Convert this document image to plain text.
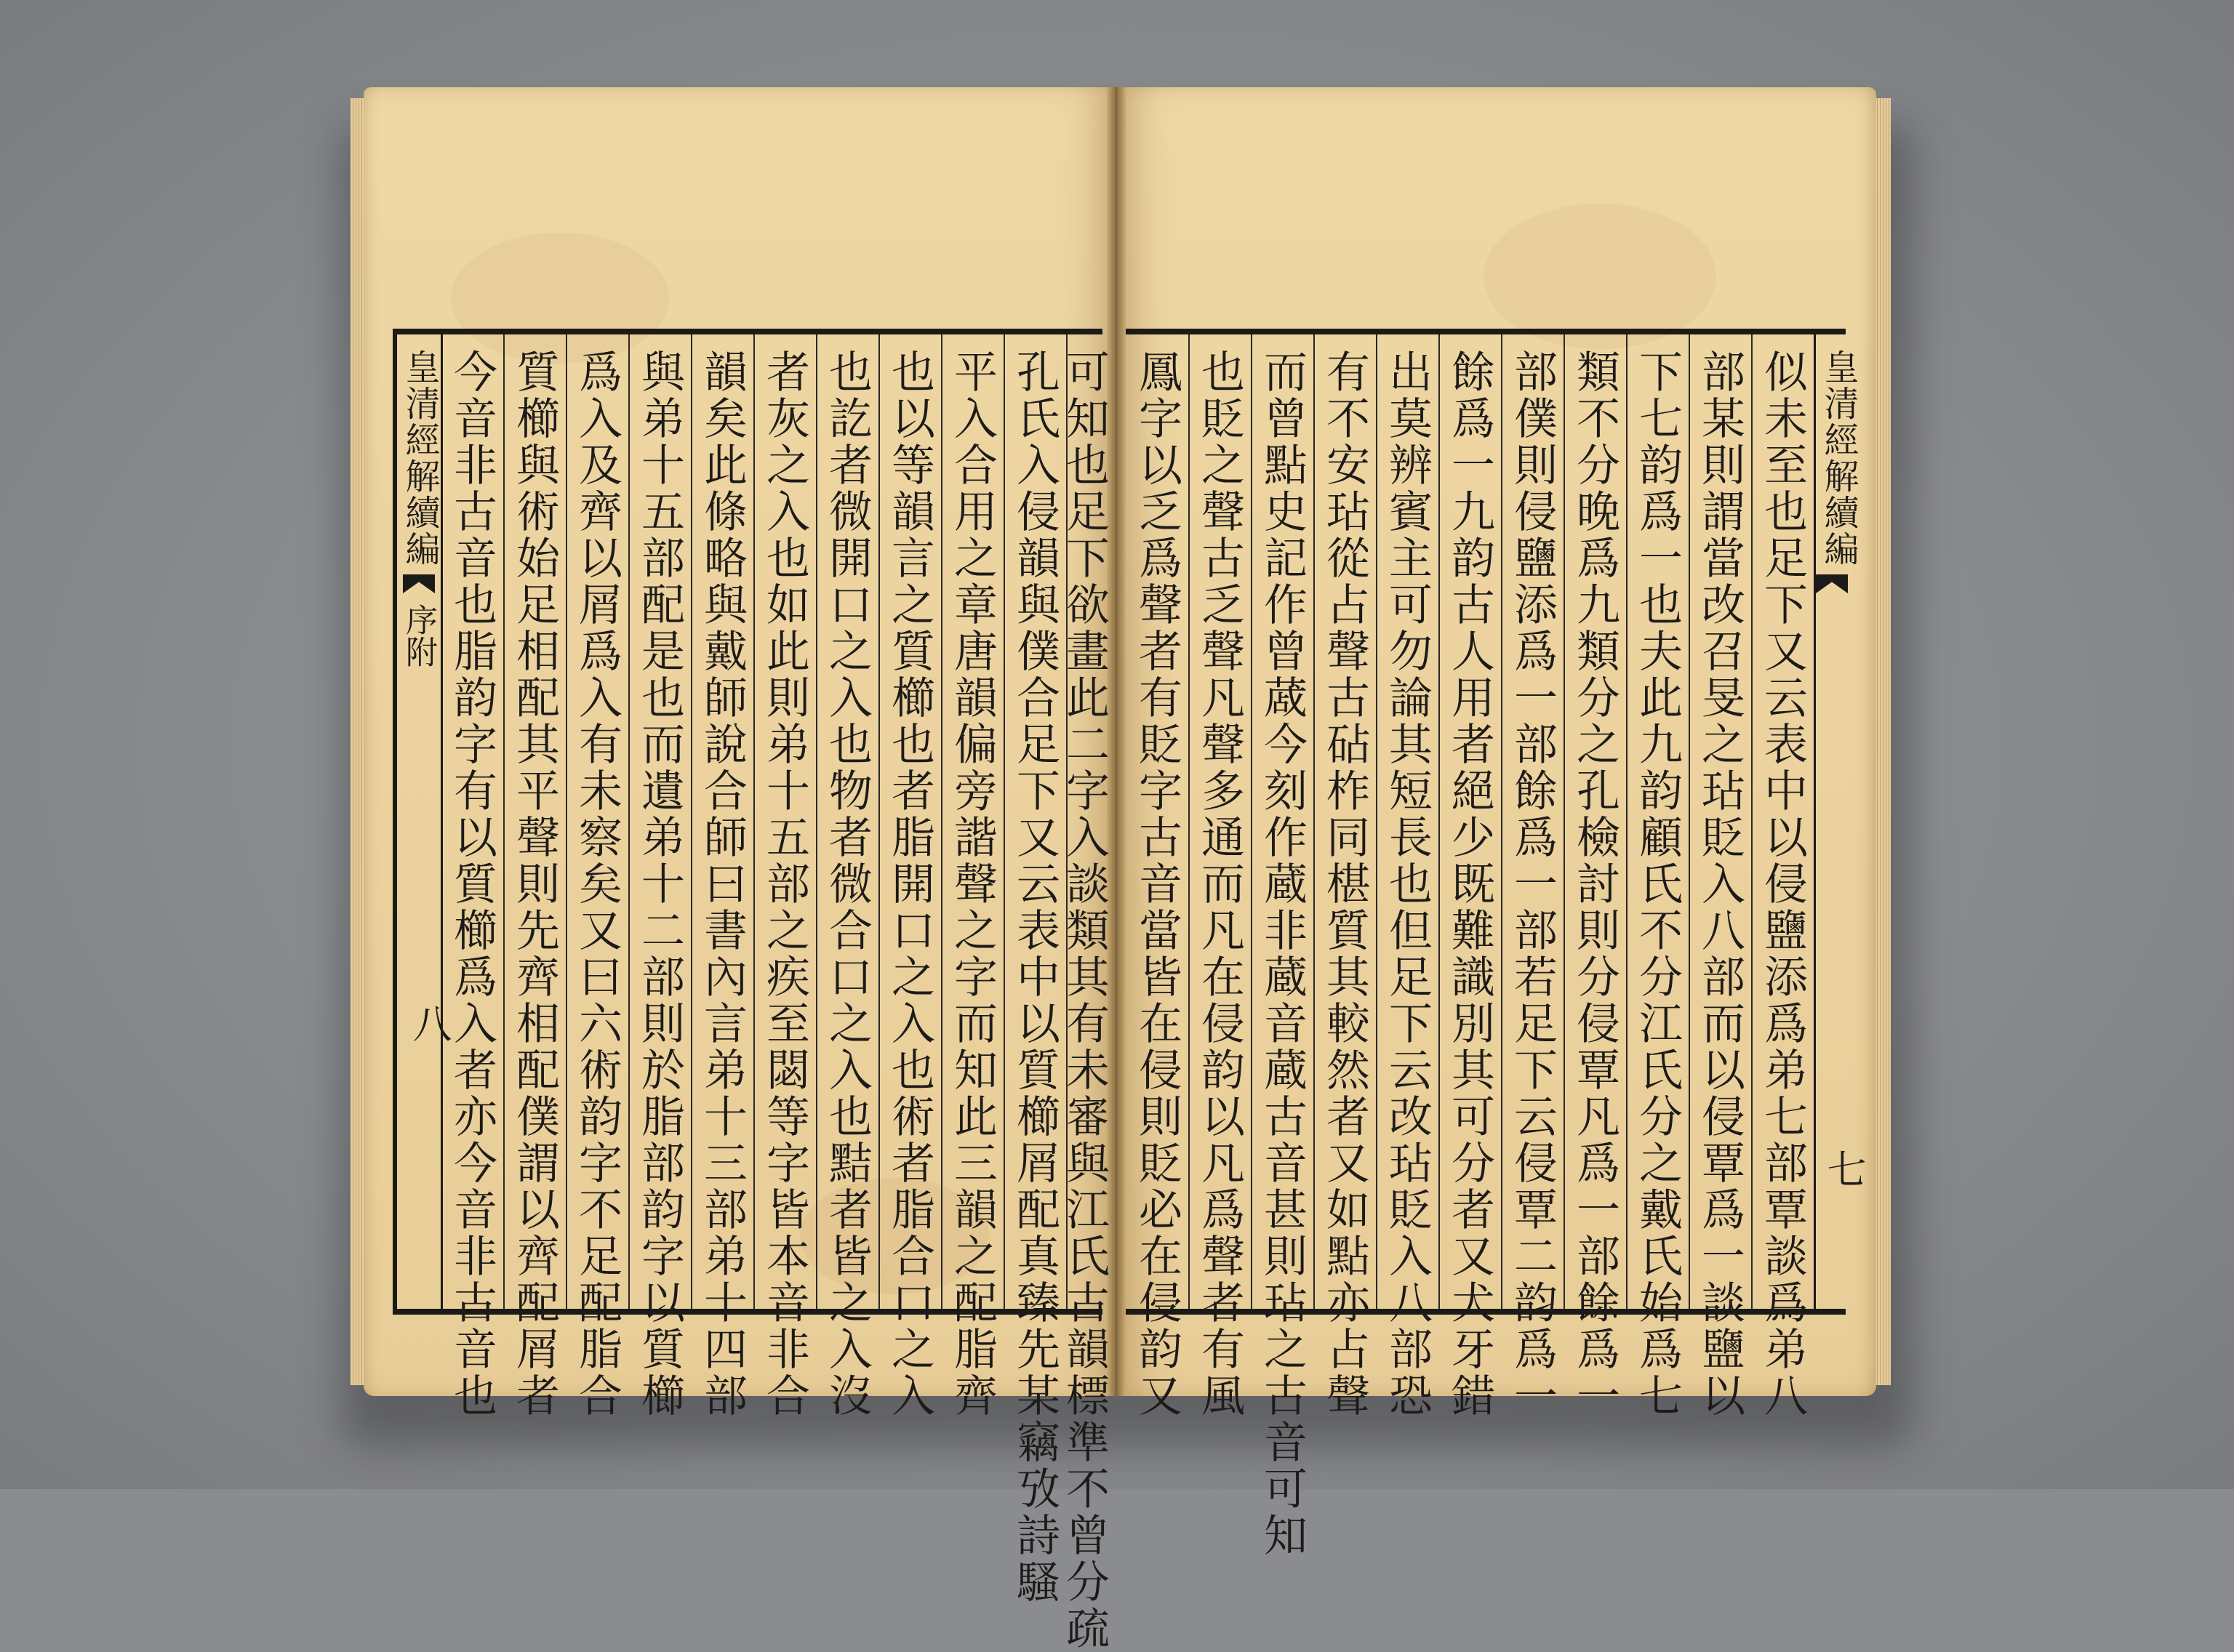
皇清經解續編
序附
八
今音非古音也脂韵字有以質櫛爲入者亦今音非古音也 質櫛與術始足相配其平聲則先齊相配僕謂以齊配屑者 爲入及齊以屑爲入有未察矣又曰六術韵字不足配脂合 與弟十五部配是也而遺弟十二部則於脂部韵字以質櫛 韻矣此條略與戴師說合師曰書內言弟十三部弟十四部 者灰之入也如此則弟十五部之疾至閟等字皆本音非合 也訖者微開口之入也物者微合口之入也黠者皆之入沒 也以等韻言之質櫛也者脂開口之入也術者脂合口之入 平入合用之章唐韻偏旁諧聲之字而知此三韻之配脂齊 孔氏入侵韻與僕合足下又云表中以質櫛屑配真臻先某竊攷詩騷
可知也足下欲畫此二字入談類其有未審與江氏古韻標準不曾分疏 鳳字以乏爲聲者有貶字古音當皆在侵則貶必在侵韵又 也貶之聲古乏聲凡聲多通而凡在侵韵以凡爲聲者有風 而曾點史記作曾蒧今刻作蔵非蔵音蔵古音甚則玷之古音可知 有不安玷從占聲古砧柞同椹質其較然者又如點亦占聲 出莫辨賓主可勿論其短長也但足下云改玷貶入八部恐 餘爲一九韵古人用者絕少既難識別其可分者又犬牙錯 部僕則侵鹽添爲一部餘爲一部若足下云侵覃二韵爲一 類不分晚爲九類分之孔檢討則分侵覃凡爲一部餘爲一 下七韵爲一也夫此九韵顧氏不分江氏分之戴氏始爲七 部某則謂當改召旻之玷貶入八部而以侵覃爲一談鹽以 似未至也足下又云表中以侵鹽添爲弟七部覃談爲弟八 皇清經解續編
七
